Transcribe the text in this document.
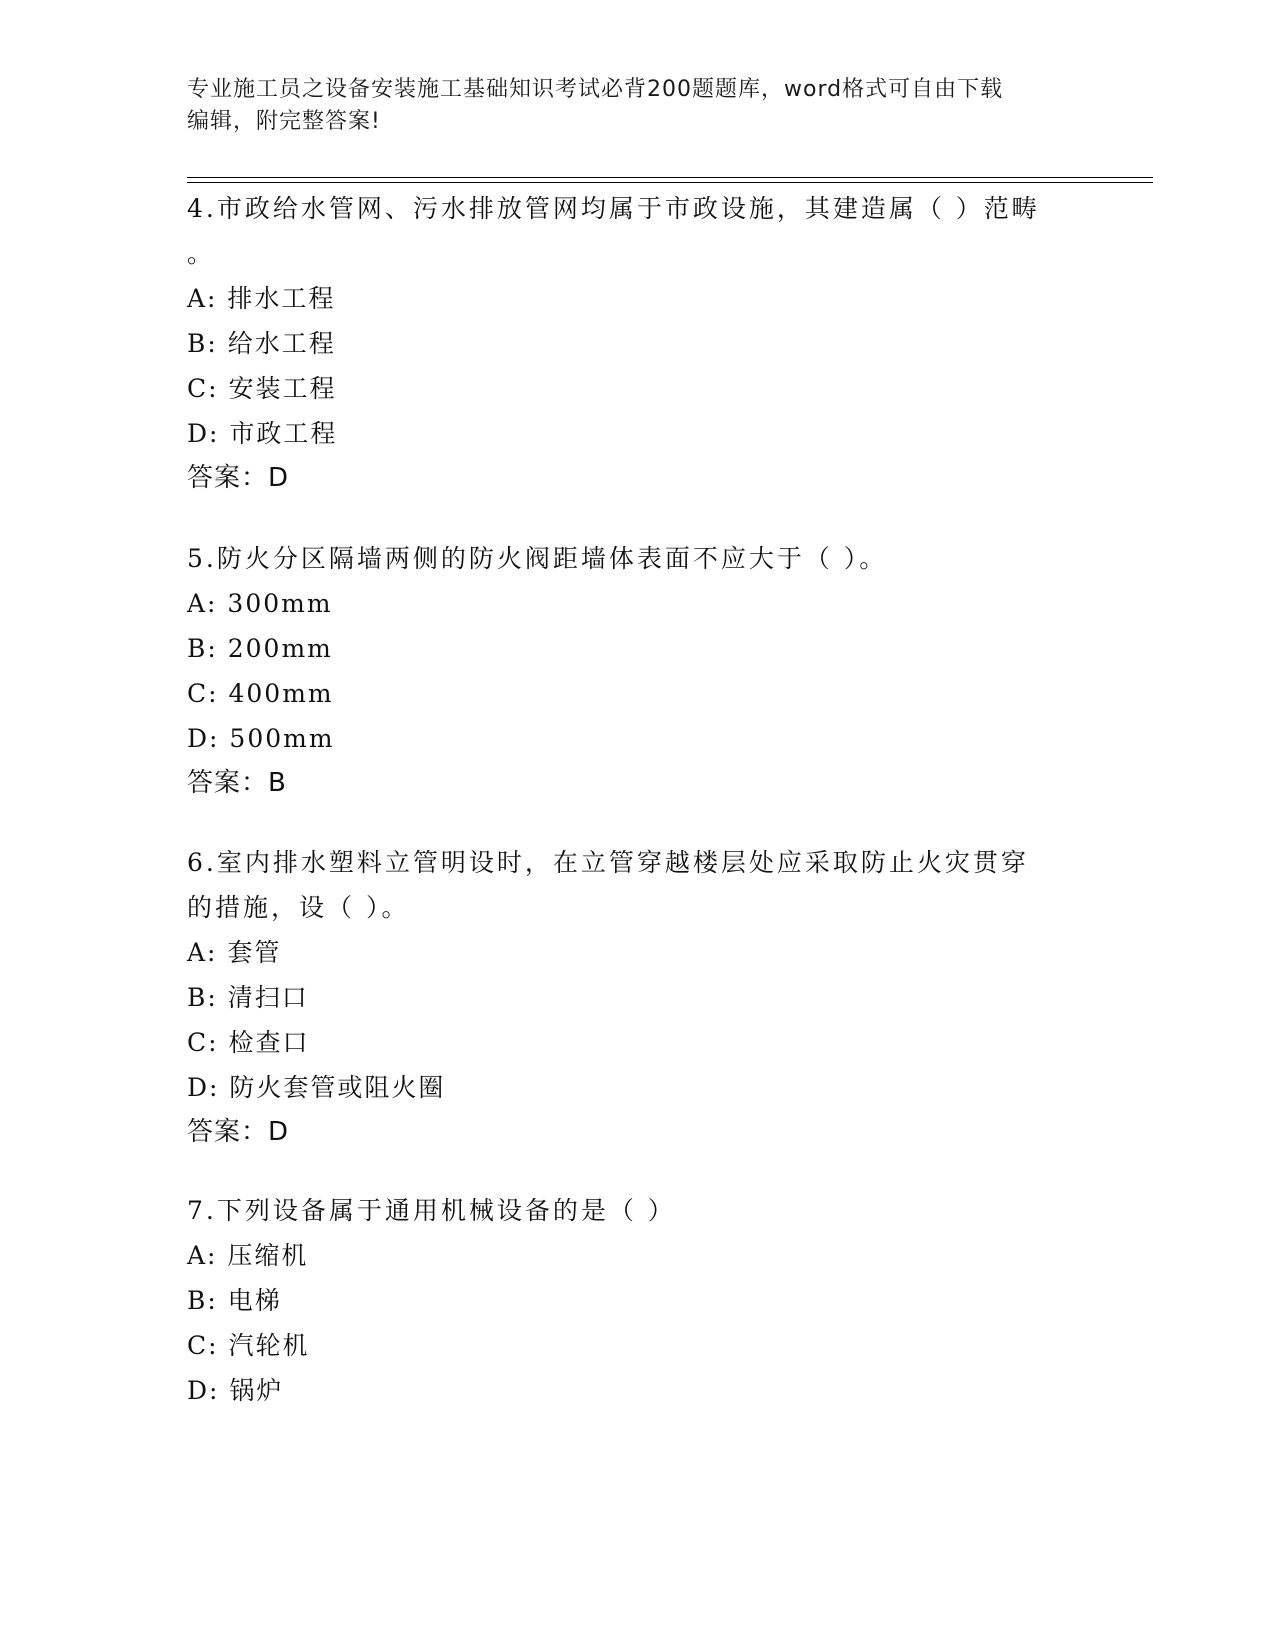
专业施工员之设备安装施工基础知识考试必背200题题库，word格式可自由下载
编辑，附完整答案!

4.市政给水管网、污水排放管网均属于市政设施，其建造属（ ）范畴

。

A: 排水工程

B: 给水工程

C: 安装工程

D: 市政工程

答案：D

5.防火分区隔墙两侧的防火阀距墙体表面不应大于（ ）。

A: 300mm

B: 200mm

C: 400mm

D: 500mm

答案：B

6.室内排水塑料立管明设时，在立管穿越楼层处应采取防止火灾贯穿

的措施，设（ ）。

A: 套管

B: 清扫口

C: 检查口

D: 防火套管或阻火圈

答案：D

7.下列设备属于通用机械设备的是（ ）

A: 压缩机

B: 电梯

C: 汽轮机

D: 锅炉
